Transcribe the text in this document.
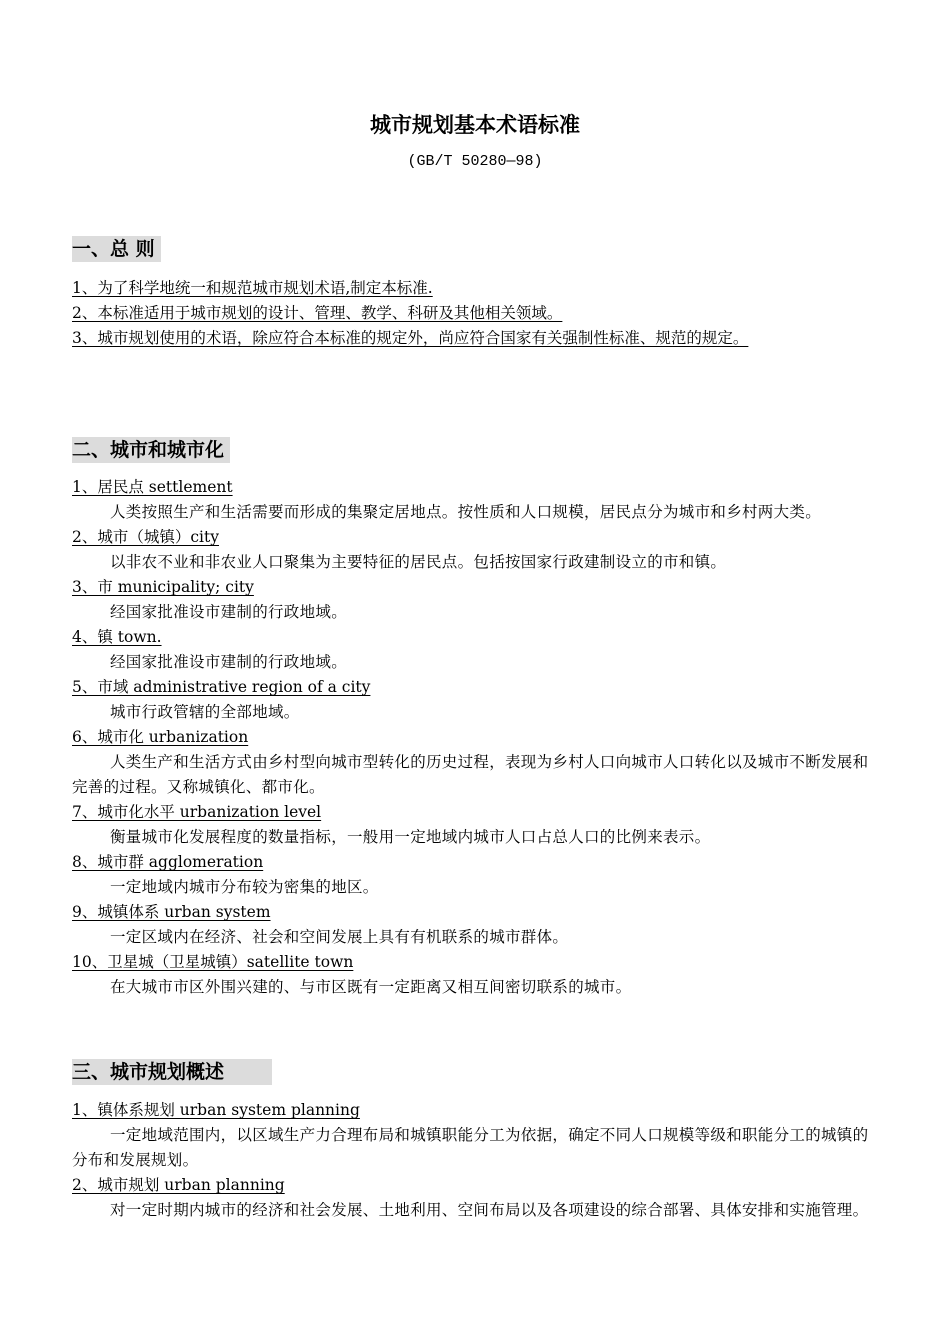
城市规划基本术语标准
(GB/T 50280—98)
一、总 则
1、为了科学地统一和规范城市规划术语,制定本标准.
2、本标准适用于城市规划的设计、管理、教学、科研及其他相关领域。
3、城市规划使用的术语，除应符合本标准的规定外，尚应符合国家有关强制性标准、规范的规定。
二、城市和城市化
1、居民点 settlement
人类按照生产和生活需要而形成的集聚定居地点。按性质和人口规模，居民点分为城市和乡村两大类。
2、城市（城镇）city
以非农不业和非农业人口聚集为主要特征的居民点。包括按国家行政建制设立的市和镇。
3、市 municipality; city
经国家批准设市建制的行政地域。
4、镇 town.
经国家批准设市建制的行政地域。
5、市域 administrative region of a city
城市行政管辖的全部地域。
6、城市化 urbanization
人类生产和生活方式由乡村型向城市型转化的历史过程，表现为乡村人口向城市人口转化以及城市不断发展和完善的过程。又称城镇化、都市化。
7、城市化水平 urbanization level
衡量城市化发展程度的数量指标，一般用一定地域内城市人口占总人口的比例来表示。
8、城市群 agglomeration
一定地域内城市分布较为密集的地区。
9、城镇体系 urban system
一定区域内在经济、社会和空间发展上具有有机联系的城市群体。
10、卫星城（卫星城镇）satellite town
在大城市市区外围兴建的、与市区既有一定距离又相互间密切联系的城市。
三、城市规划概述
1、镇体系规划 urban system planning
一定地域范围内，以区域生产力合理布局和城镇职能分工为依据，确定不同人口规模等级和职能分工的城镇的分布和发展规划。
2、城市规划 urban planning
对一定时期内城市的经济和社会发展、土地利用、空间布局以及各项建设的综合部署、具体安排和实施管理。
